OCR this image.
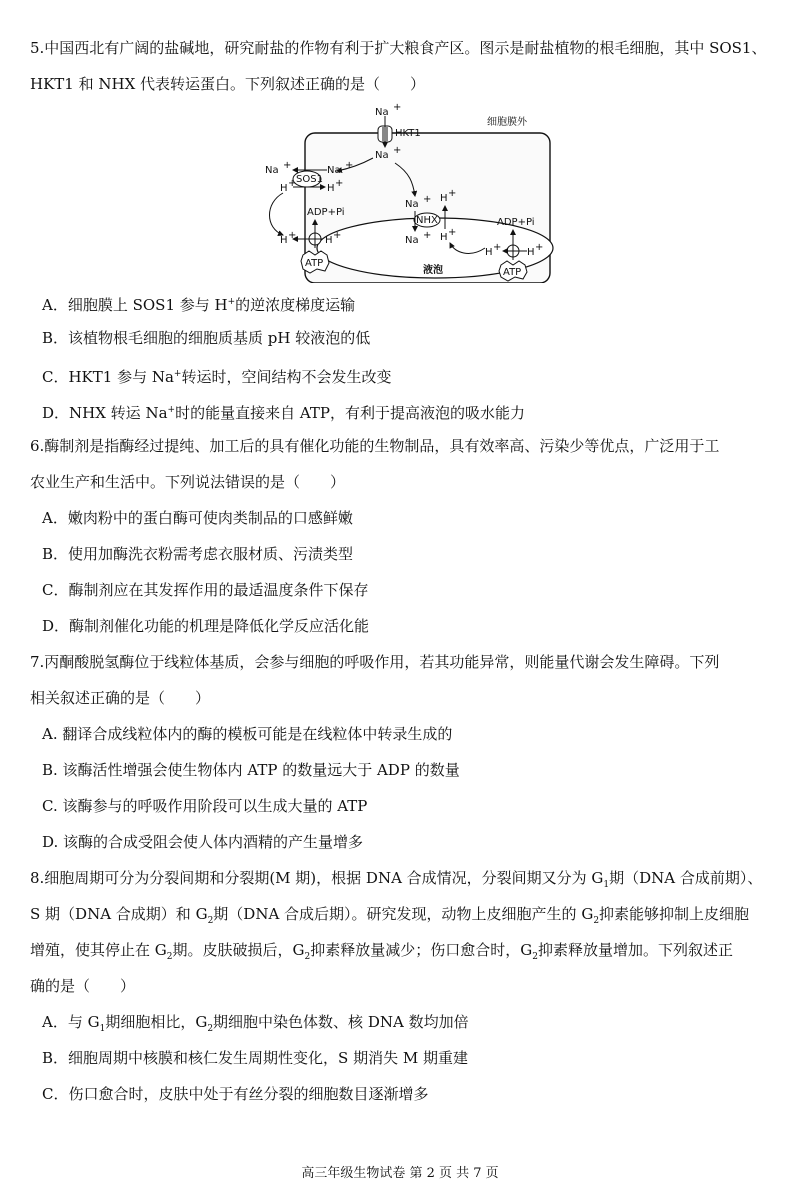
5.中国西北有广阔的盐碱地，研究耐盐的作物有利于扩大粮食产区。图示是耐盐植物的根毛细胞，其中 SOS1、
HKT1 和 NHX 代表转运蛋白。下列叙述正确的是（　　）
细胞膜外
液泡
HKT1
Na +
Na +
SOS1
Na +	Na +
H +	H +
H +	H +
ADP+Pi
ATP
NHX
Na +
Na +
H +
H +
H +	H +
ADP+Pi
ATP
A．细胞膜上 SOS1 参与 H+的逆浓度梯度运输
B．该植物根毛细胞的细胞质基质 pH 较液泡的低
C．HKT1 参与 Na+转运时，空间结构不会发生改变
D．NHX 转运 Na+时的能量直接来自 ATP，有利于提高液泡的吸水能力
6.酶制剂是指酶经过提纯、加工后的具有催化功能的生物制品，具有效率高、污染少等优点，广泛用于工
农业生产和生活中。下列说法错误的是（　　）
A．嫩肉粉中的蛋白酶可使肉类制品的口感鲜嫩
B．使用加酶洗衣粉需考虑衣服材质、污渍类型
C．酶制剂应在其发挥作用的最适温度条件下保存
D．酶制剂催化功能的机理是降低化学反应活化能
7.丙酮酸脱氢酶位于线粒体基质，会参与细胞的呼吸作用，若其功能异常，则能量代谢会发生障碍。下列
相关叙述正确的是（　　）
A. 翻译合成线粒体内的酶的模板可能是在线粒体中转录生成的
B. 该酶活性增强会使生物体内 ATP 的数量远大于 ADP 的数量
C. 该酶参与的呼吸作用阶段可以生成大量的 ATP
D. 该酶的合成受阻会使人体内酒精的产生量增多
8.细胞周期可分为分裂间期和分裂期(M 期)，根据 DNA 合成情况，分裂间期又分为 $G_1$期（DNA 合成前期）、
S 期（DNA 合成期）和 $G_2$期（DNA 合成后期）。研究发现，动物上皮细胞产生的 $G_2$抑素能够抑制上皮细胞
增殖，使其停止在 $G_2$期。皮肤破损后，$G_2$抑素释放量减少；伤口愈合时，$G_2$抑素释放量增加。下列叙述正
确的是（　　）
A．与 $G_1$期细胞相比，$G_2$期细胞中染色体数、核 DNA 数均加倍
B．细胞周期中核膜和核仁发生周期性变化，S 期消失 M 期重建
C．伤口愈合时，皮肤中处于有丝分裂的细胞数目逐渐增多
高三年级生物试卷 第 2 页 共 7 页
